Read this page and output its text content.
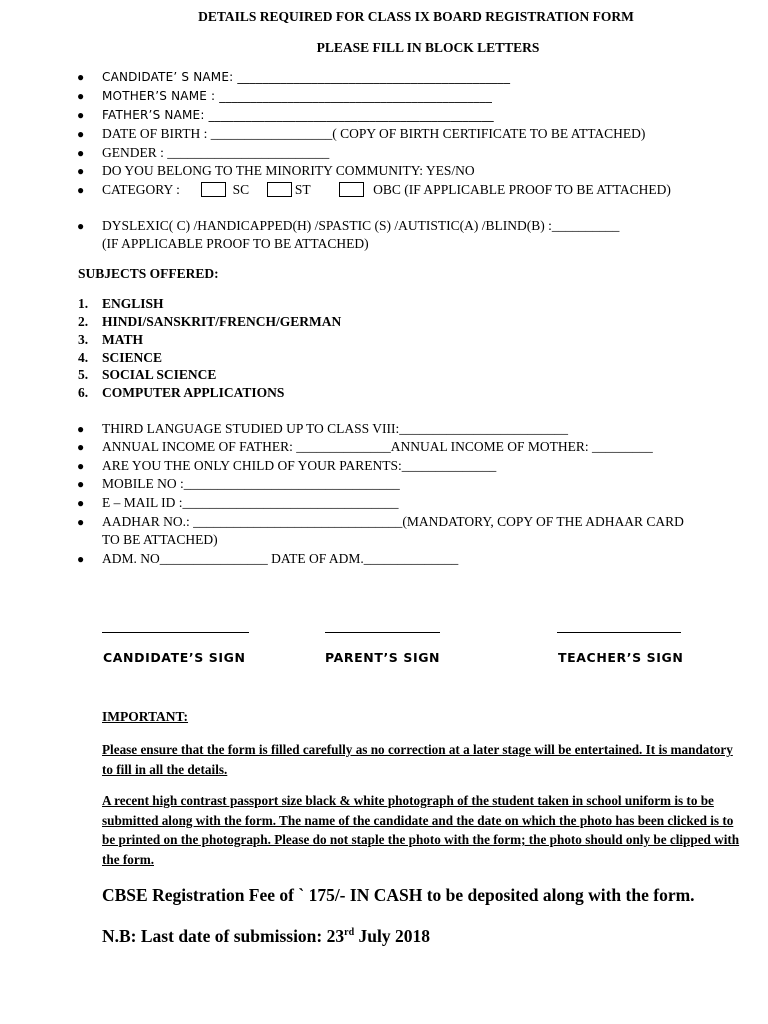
DETAILS REQUIRED FOR CLASS IX BOARD REGISTRATION FORM
PLEASE FILL IN BLOCK LETTERS
● CANDIDATE’ S NAME: ____________________________________________
● MOTHER’S NAME : ____________________________________________
● FATHER’S NAME: ______________________________________________
● DATE OF BIRTH : __________________( COPY OF BIRTH CERTIFICATE TO BE ATTACHED)
● GENDER : ________________________
● DO YOU BELONG TO THE MINORITY COMMUNITY: YES/NO
● CATEGORY :	SC	ST	OBC (IF APPLICABLE PROOF TO BE ATTACHED)
● DYSLEXIC( C) /HANDICAPPED(H) /SPASTIC (S) /AUTISTIC(A) /BLIND(B) :__________
(IF APPLICABLE PROOF TO BE ATTACHED)
SUBJECTS OFFERED:
1. ENGLISH
2. HINDI/SANSKRIT/FRENCH/GERMAN
3. MATH
4. SCIENCE
5. SOCIAL SCIENCE
6. COMPUTER APPLICATIONS
● THIRD LANGUAGE STUDIED UP TO CLASS VIII:_________________________
● ANNUAL INCOME OF FATHER: ______________ANNUAL INCOME OF MOTHER: _________
● ARE YOU THE ONLY CHILD OF YOUR PARENTS:______________
● MOBILE NO :________________________________
● E – MAIL ID :________________________________
● AADHAR NO.: _______________________________(MANDATORY, COPY OF THE ADHAAR CARD
TO BE ATTACHED)
● ADM. NO________________ DATE OF ADM.______________
CANDIDATE’S SIGN	PARENT’S SIGN	TEACHER’S SIGN
IMPORTANT:
Please ensure that the form is filled carefully as no correction at a later stage will be entertained. It is mandatory to fill in all the details.
A recent high contrast passport size black & white photograph of the student taken in school uniform is to be submitted along with the form. The name of the candidate and the date on which the photo has been clicked is to be printed on the photograph. Please do not staple the photo with the form; the photo should only be clipped with the form.
CBSE Registration Fee of ` 175/- IN CASH to be deposited along with the form.
N.B: Last date of submission: 23rd July 2018
